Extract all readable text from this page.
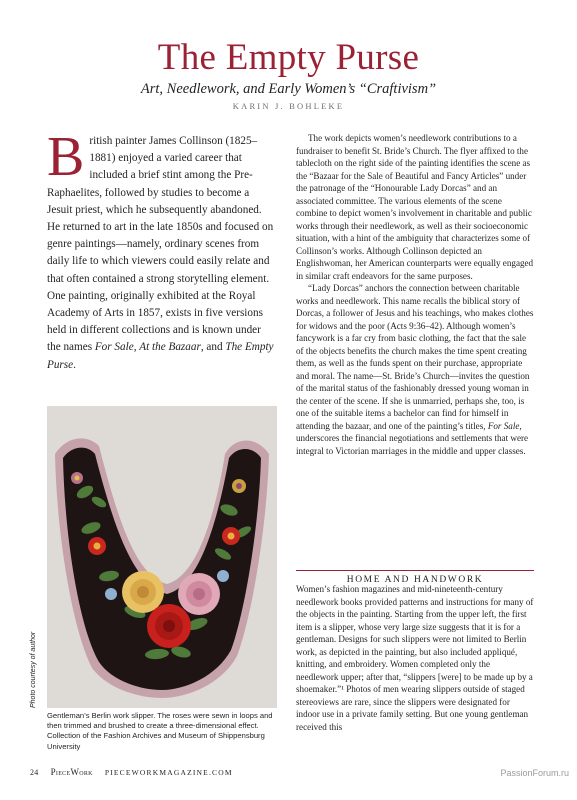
The Empty Purse
Art, Needlework, and Early Women’s “Craftivism”
KARIN J. BOHLEKE

British painter James Collinson (1825–1881) enjoyed a varied career that included a brief stint among the Pre-Raphaelites, followed by studies to become a Jesuit priest, which he subsequently abandoned. He returned to art in the late 1850s and focused on genre paintings—namely, ordinary scenes from daily life to which viewers could easily relate and that often contained a strong storytelling element. One painting, originally exhibited at the Royal Academy of Arts in 1857, exists in five versions held in different collections and is known under the names For Sale, At the Bazaar, and The Empty Purse.

The work depicts women’s needlework contributions to a fundraiser to benefit St. Bride’s Church. The flyer affixed to the tablecloth on the right side of the painting identifies the scene as the “Bazaar for the Sale of Beautiful and Fancy Articles” under the patronage of the “Honourable Lady Dorcas” and an associated committee. The various elements of the scene combine to depict women’s involvement in charitable and public works through their needlework, as well as their socioeconomic situation, with a hint of the ambiguity that characterizes some of Collinson’s works. Although Collinson depicted an Englishwoman, her American counterparts were equally engaged in similar craft endeavors for the same purposes.

“Lady Dorcas” anchors the connection between charitable works and needlework. This name recalls the biblical story of Dorcas, a follower of Jesus and his teachings, who makes clothes for widows and the poor (Acts 9:36–42). Although women’s fancywork is a far cry from basic clothing, the fact that the sale of the objects benefits the church makes the time spent creating them, as well as the funds spent on their purchase, appropriate and moral. The name—St. Bride’s Church—invites the question of the marital status of the fashionably dressed young woman in the center of the scene. If she is unmarried, perhaps she, too, is one of the suitable items a bachelor can find for himself in attending the bazaar, and one of the painting’s titles, For Sale, underscores the financial negotiations and settlements that were integral to Victorian marriages in the middle and upper classes.

HOME AND HANDWORK

Women’s fashion magazines and mid-nineteenth-century needlework books provided patterns and instructions for many of the objects in the painting. Starting from the upper left, the first item is a slipper, whose very large size suggests that it is for a gentleman. Designs for such slippers were not limited to Berlin work, as depicted in the painting, but also included appliqué, knitting, and embroidery. Women completed only the needlework upper; after that, “slippers [were] to be made up by a shoemaker.”¹ Photos of men wearing slippers outside of staged stereoviews are rare, since the slippers were designated for indoor use in a private family setting. But one young gentleman received this

Photo courtesy of author
Gentleman’s Berlin work slipper. The roses were sewn in loops and then trimmed and brushed to create a three-dimensional effect. Collection of the Fashion Archives and Museum of Shippensburg University
24 PieceWork PIECEWORKMAGAZINE.COM	PassionForum.ru
